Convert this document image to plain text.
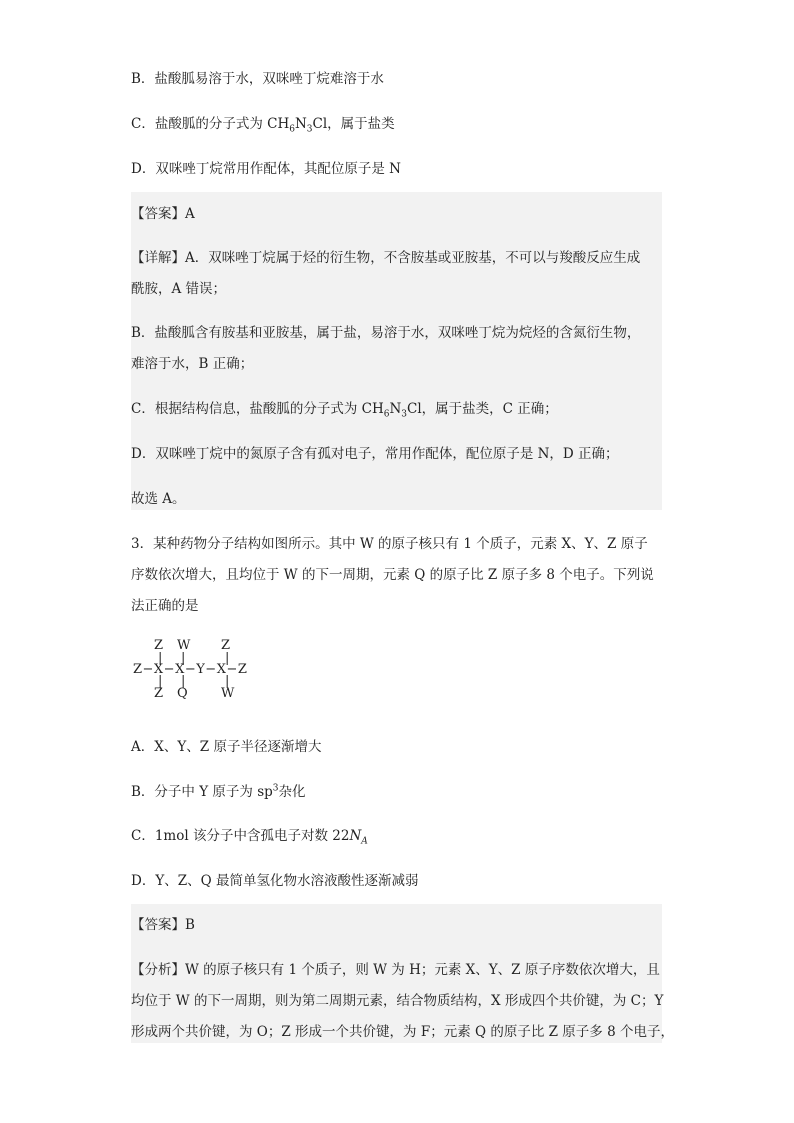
B．盐酸胍易溶于水，双咪唑丁烷难溶于水
C．盐酸胍的分子式为 $CH_6N_3Cl$，属于盐类
D．双咪唑丁烷常用作配体，其配位原子是 N
【答案】A
【详解】A．双咪唑丁烷属于烃的衍生物，不含胺基或亚胺基，不可以与羧酸反应生成
酰胺，A 错误；
B．盐酸胍含有胺基和亚胺基，属于盐，易溶于水，双咪唑丁烷为烷烃的含氮衍生物，
难溶于水，B 正确；
C．根据结构信息，盐酸胍的分子式为 $CH_6N_3Cl$，属于盐类，C 正确；
D．双咪唑丁烷中的氮原子含有孤对电子，常用作配体，配位原子是 N，D 正确；
故选 A。
3．某种药物分子结构如图所示。其中 W 的原子核只有 1 个质子，元素 X、Y、Z 原子
序数依次增大，且均位于 W 的下一周期，元素 Q 的原子比 Z 原子多 8 个电子。下列说
法正确的是
Z W Z
| |	|
Z−X−X−Y−X−Z
| |	|
Z Q	W
A．X、Y、Z 原子半径逐渐增大
B．分子中 Y 原子为 $sp^3$杂化
C．1mol 该分子中含孤电子对数 $22N_A$
D．Y、Z、Q 最简单氢化物水溶液酸性逐渐减弱
【答案】B
【分析】W 的原子核只有 1 个质子，则 W 为 H；元素 X、Y、Z 原子序数依次增大，且
均位于 W 的下一周期，则为第二周期元素，结合物质结构，X 形成四个共价键，为 C；Y
形成两个共价键，为 O；Z 形成一个共价键，为 F；元素 Q 的原子比 Z 原子多 8 个电子，
